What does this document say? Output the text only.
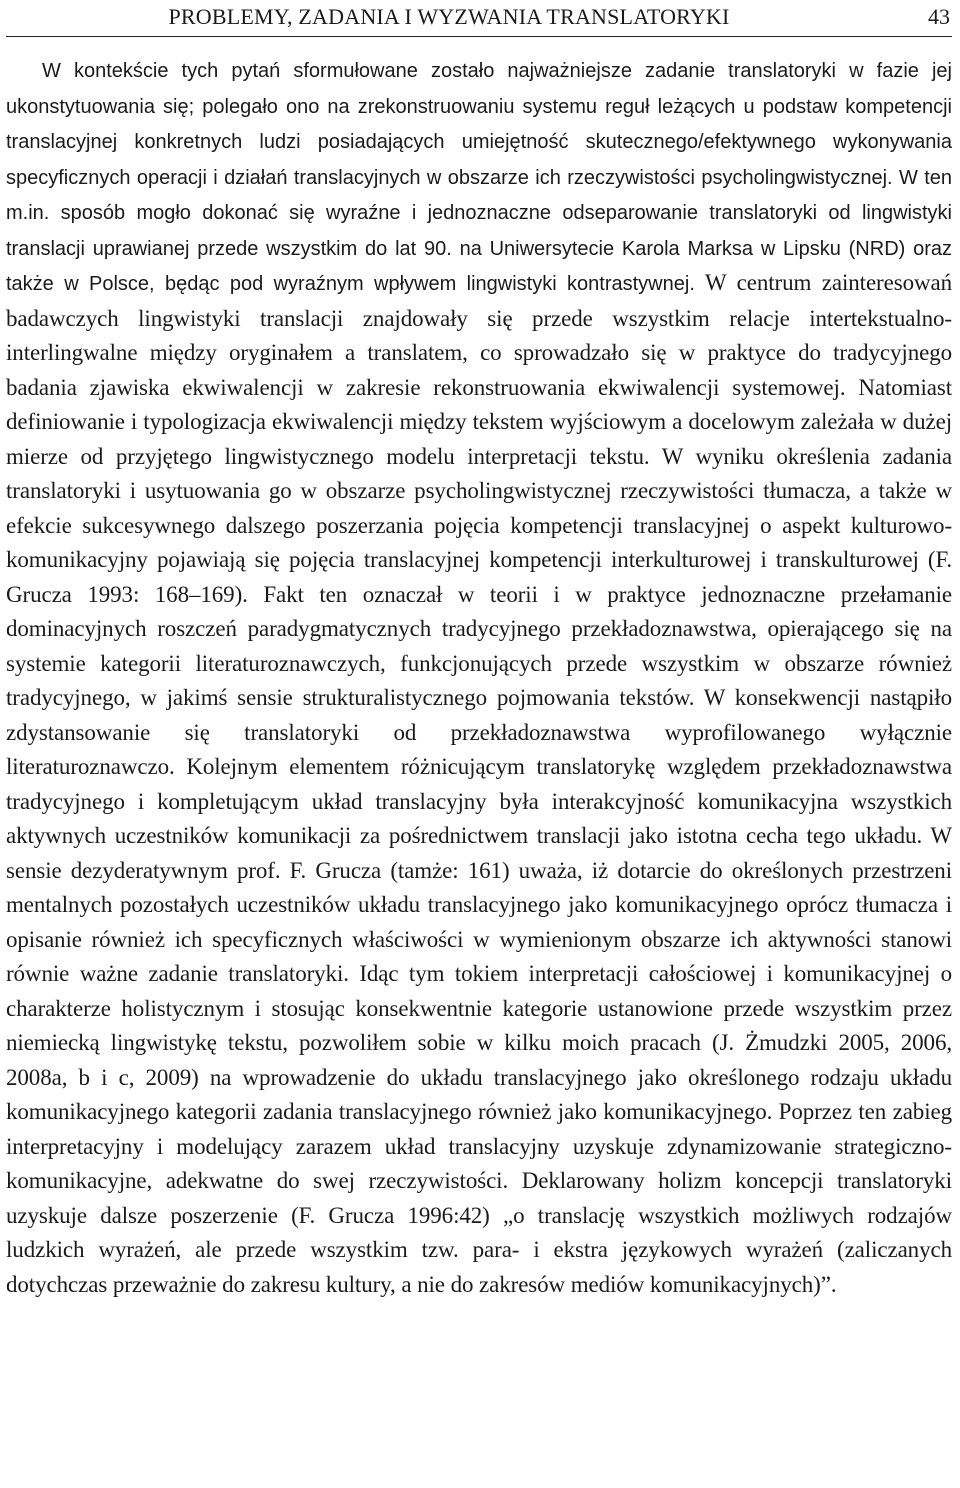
PROBLEMY, ZADANIA I WYZWANIA TRANSLATORYKI	43

W kontekście tych pytań sformułowane zostało najważniejsze zadanie translatoryki w fazie jej ukonstytuowania się; polegało ono na zrekonstruowaniu systemu reguł leżących u podstaw kompetencji translacyjnej konkretnych ludzi posiadających umiejętność skutecznego/efektywnego wykonywania specyficznych operacji i działań translacyjnych w obszarze ich rzeczywistości psycholingwistycznej. W ten m.in. sposób mogło dokonać się wyraźne i jednoznaczne odseparowanie translatoryki od lingwistyki translacji uprawianej przede wszystkim do lat 90. na Uniwersytecie Karola Marksa w Lipsku (NRD) oraz także w Polsce, będąc pod wyraźnym wpływem lingwistyki kontrastywnej. W centrum zainteresowań badawczych lingwistyki translacji znajdowały się przede wszystkim relacje intertekstualno-interlingwalne między oryginałem a translatem, co sprowadzało się w praktyce do tradycyjnego badania zjawiska ekwiwalencji w zakresie rekonstruowania ekwiwalencji systemowej. Natomiast definiowanie i typologizacja ekwiwalencji między tekstem wyjściowym a docelowym zależała w dużej mierze od przyjętego lingwistycznego modelu interpretacji tekstu. W wyniku określenia zadania translatoryki i usytuowania go w obszarze psycholingwistycznej rzeczywistości tłumacza, a także w efekcie sukcesywnego dalszego poszerzania pojęcia kompetencji translacyjnej o aspekt kulturowo-komunikacyjny pojawiają się pojęcia translacyjnej kompetencji interkulturowej i transkulturowej (F. Grucza 1993: 168–169). Fakt ten oznaczał w teorii i w praktyce jednoznaczne przełamanie dominacyjnych roszczeń paradygmatycznych tradycyjnego przekładoznawstwa, opierającego się na systemie kategorii literaturoznawczych, funkcjonujących przede wszystkim w obszarze również tradycyjnego, w jakimś sensie strukturalistycznego pojmowania tekstów. W konsekwencji nastąpiło zdystansowanie się translatoryki od przekładoznawstwa wyprofilowanego wyłącznie literaturoznawczo. Kolejnym elementem różnicującym translatorykę względem przekładoznawstwa tradycyjnego i kompletującym układ translacyjny była interakcyjność komunikacyjna wszystkich aktywnych uczestników komunikacji za pośrednictwem translacji jako istotna cecha tego układu. W sensie dezyderatywnym prof. F. Grucza (tamże: 161) uważa, iż dotarcie do określonych przestrzeni mentalnych pozostałych uczestników układu translacyjnego jako komunikacyjnego oprócz tłumacza i opisanie również ich specyficznych właściwości w wymienionym obszarze ich aktywności stanowi równie ważne zadanie translatoryki. Idąc tym tokiem interpretacji całościowej i komunikacyjnej o charakterze holistycznym i stosując konsekwentnie kategorie ustanowione przede wszystkim przez niemiecką lingwistykę tekstu, pozwoliłem sobie w kilku moich pracach (J. Żmudzki 2005, 2006, 2008a, b i c, 2009) na wprowadzenie do układu translacyjnego jako określonego rodzaju układu komunikacyjnego kategorii zadania translacyjnego również jako komunikacyjnego. Poprzez ten zabieg interpretacyjny i modelujący zarazem układ translacyjny uzyskuje zdynamizowanie strategiczno-komunikacyjne, adekwatne do swej rzeczywistości. Deklarowany holizm koncepcji translatoryki uzyskuje dalsze poszerzenie (F. Grucza 1996:42) „o translację wszystkich możliwych rodzajów ludzkich wyrażeń, ale przede wszystkim tzw. para- i ekstra językowych wyrażeń (zaliczanych dotychczas przeważnie do zakresu kultury, a nie do zakresów mediów komunikacyjnych)”.
